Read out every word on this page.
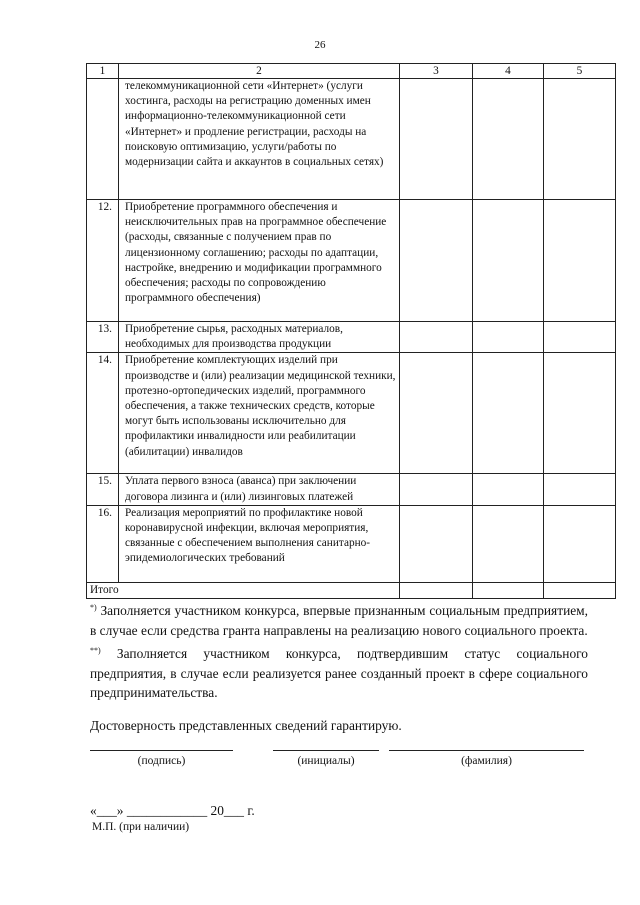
26
1	2	3	4	5
	телекоммуникационной сети «Интернет» (услуги хостинга, расходы на регистрацию доменных имен информационно-телекоммуникационной сети «Интернет» и продление регистрации, расходы на поисковую оптимизацию, услуги/работы по модернизации сайта и аккаунтов в социальных сетях)			
12.	Приобретение программного обеспечения и неисключительных прав на программное обеспечение (расходы, связанные с получением прав по лицензионному соглашению; расходы по адаптации, настройке, внедрению и модификации программного обеспечения; расходы по сопровождению программного обеспечения)			
13.	Приобретение сырья, расходных материалов, необходимых для производства продукции			
14.	Приобретение комплектующих изделий при производстве и (или) реализации медицинской техники, протезно-ортопедических изделий, программного обеспечения, а также технических средств, которые могут быть использованы исключительно для профилактики инвалидности или реабилитации (абилитации) инвалидов			
15.	Уплата первого взноса (аванса) при заключении договора лизинга и (или) лизинговых платежей			
16.	Реализация мероприятий по профилактике новой коронавирусной инфекции, включая мероприятия, связанные с обеспечением выполнения санитарно-эпидемиологических требований			
Итого				

*) Заполняется участником конкурса, впервые признанным социальным предприятием, в случае если средства гранта направлены на реализацию нового социального проекта.

**) Заполняется участником конкурса, подтвердившим статус социального предприятия, в случае если реализуется ранее созданный проект в сфере социального предпринимательства.

Достоверность представленных сведений гарантирую.
(подпись)	(инициалы)	(фамилия)
«___» ____________ 20___ г.
М.П. (при наличии)
